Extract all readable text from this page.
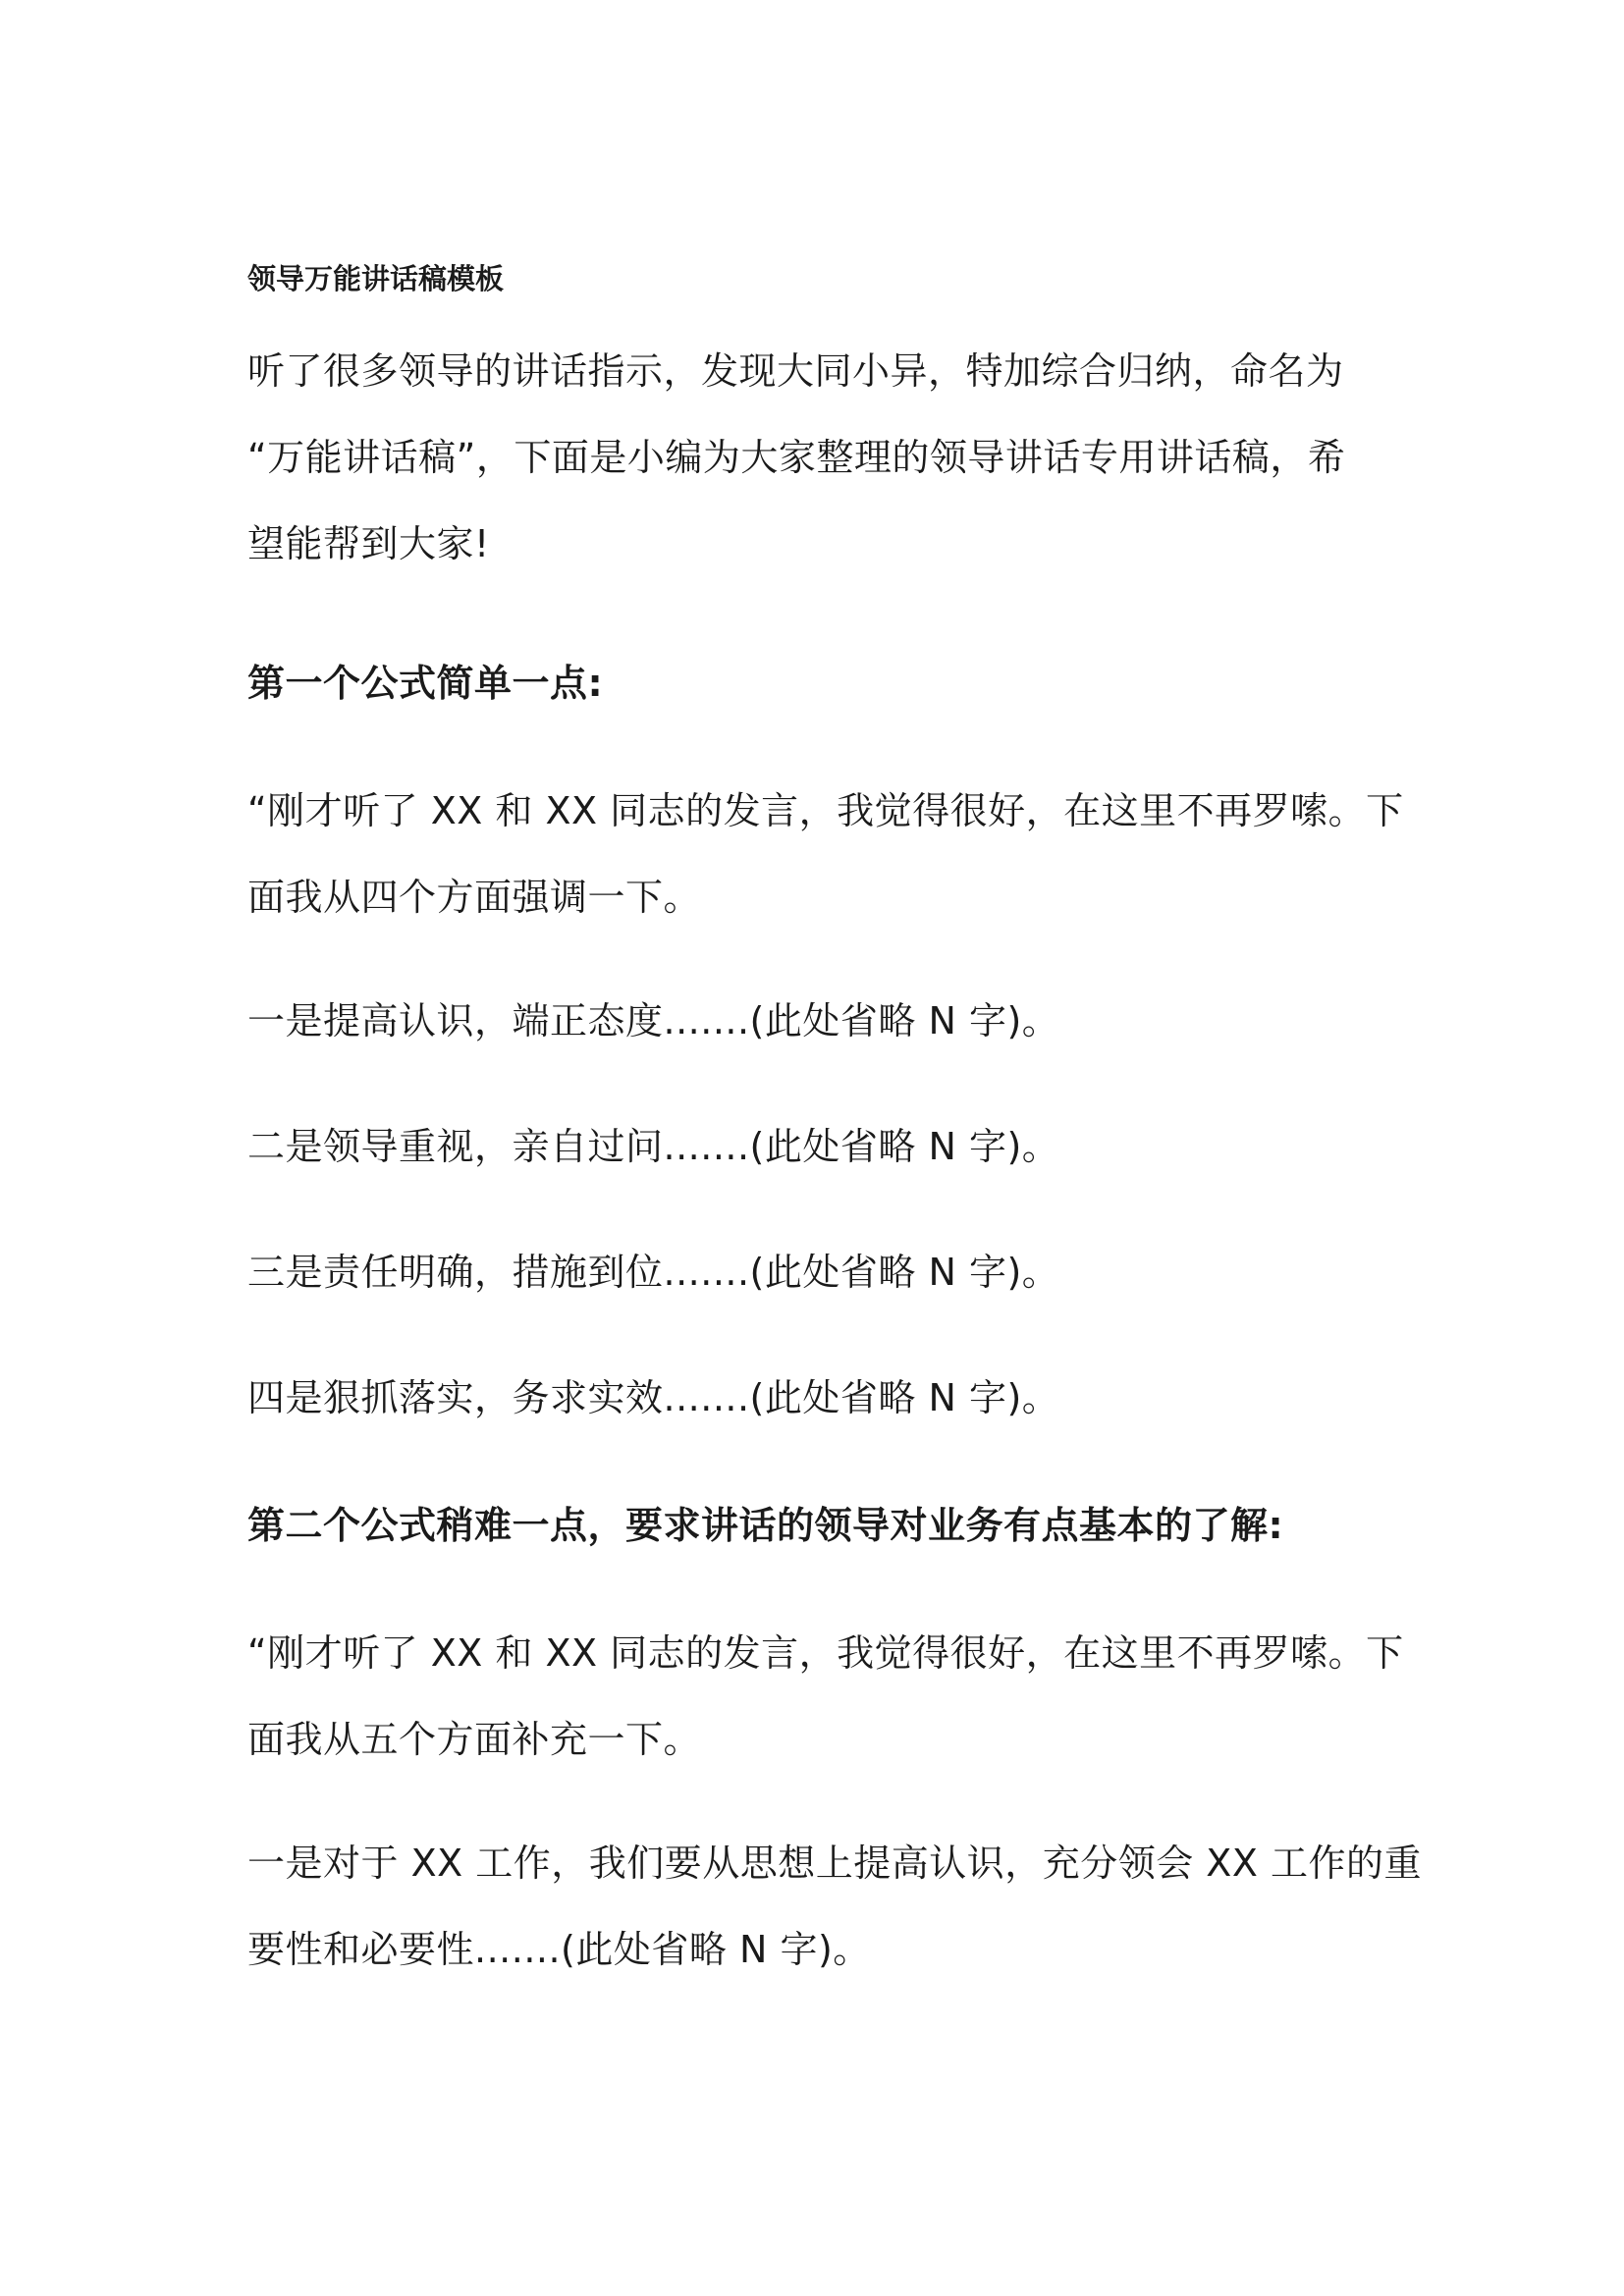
领导万能讲话稿模板
听了很多领导的讲话指示，发现大同小异，特加综合归纳，命名为
“万能讲话稿”，下面是小编为大家整理的领导讲话专用讲话稿，希
望能帮到大家!
第一个公式简单一点:
“刚才听了 XX 和 XX 同志的发言，我觉得很好，在这里不再罗嗦。下
面我从四个方面强调一下。
一是提高认识，端正态度.......(此处省略 N 字)。
二是领导重视，亲自过问.......(此处省略 N 字)。
三是责任明确，措施到位.......(此处省略 N 字)。
四是狠抓落实，务求实效.......(此处省略 N 字)。
第二个公式稍难一点，要求讲话的领导对业务有点基本的了解:
“刚才听了 XX 和 XX 同志的发言，我觉得很好，在这里不再罗嗦。下
面我从五个方面补充一下。
一是对于 XX 工作，我们要从思想上提高认识，充分领会 XX 工作的重
要性和必要性.......(此处省略 N 字)。
